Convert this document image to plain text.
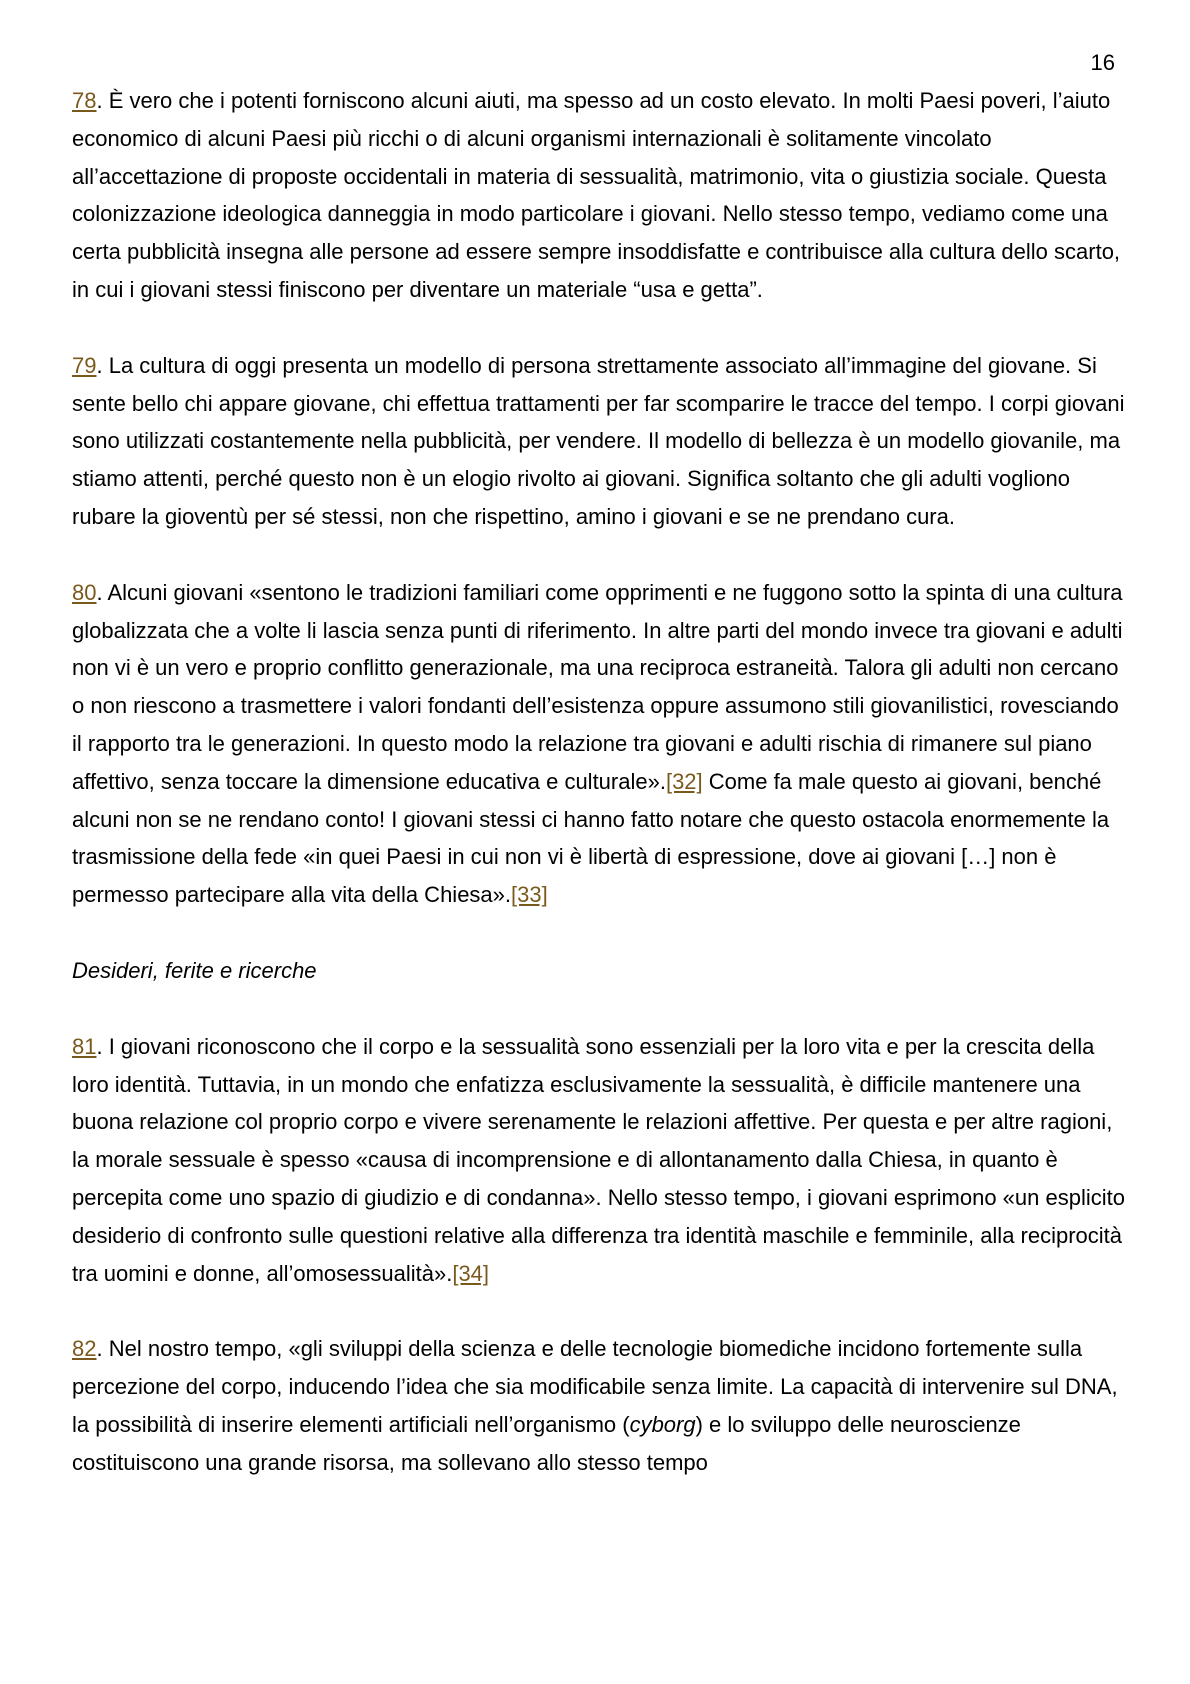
16

78. È vero che i potenti forniscono alcuni aiuti, ma spesso ad un costo elevato. In molti Paesi poveri, l’aiuto economico di alcuni Paesi più ricchi o di alcuni organismi internazionali è solitamente vincolato all’accettazione di proposte occidentali in materia di sessualità, matrimonio, vita o giustizia sociale. Questa colonizzazione ideologica danneggia in modo particolare i giovani. Nello stesso tempo, vediamo come una certa pubblicità insegna alle persone ad essere sempre insoddisfatte e contribuisce alla cultura dello scarto, in cui i giovani stessi finiscono per diventare un materiale “usa e getta”.

79. La cultura di oggi presenta un modello di persona strettamente associato all’immagine del giovane. Si sente bello chi appare giovane, chi effettua trattamenti per far scomparire le tracce del tempo. I corpi giovani sono utilizzati costantemente nella pubblicità, per vendere. Il modello di bellezza è un modello giovanile, ma stiamo attenti, perché questo non è un elogio rivolto ai giovani. Significa soltanto che gli adulti vogliono rubare la gioventù per sé stessi, non che rispettino, amino i giovani e se ne prendano cura.

80. Alcuni giovani «sentono le tradizioni familiari come opprimenti e ne fuggono sotto la spinta di una cultura globalizzata che a volte li lascia senza punti di riferimento. In altre parti del mondo invece tra giovani e adulti non vi è un vero e proprio conflitto generazionale, ma una reciproca estraneità. Talora gli adulti non cercano o non riescono a trasmettere i valori fondanti dell’esistenza oppure assumono stili giovanilistici, rovesciando il rapporto tra le generazioni. In questo modo la relazione tra giovani e adulti rischia di rimanere sul piano affettivo, senza toccare la dimensione educativa e culturale».[32] Come fa male questo ai giovani, benché alcuni non se ne rendano conto! I giovani stessi ci hanno fatto notare che questo ostacola enormemente la trasmissione della fede «in quei Paesi in cui non vi è libertà di espressione, dove ai giovani […] non è permesso partecipare alla vita della Chiesa».[33]

Desideri, ferite e ricerche

81. I giovani riconoscono che il corpo e la sessualità sono essenziali per la loro vita e per la crescita della loro identità. Tuttavia, in un mondo che enfatizza esclusivamente la sessualità, è difficile mantenere una buona relazione col proprio corpo e vivere serenamente le relazioni affettive. Per questa e per altre ragioni, la morale sessuale è spesso «causa di incomprensione e di allontanamento dalla Chiesa, in quanto è percepita come uno spazio di giudizio e di condanna». Nello stesso tempo, i giovani esprimono «un esplicito desiderio di confronto sulle questioni relative alla differenza tra identità maschile e femminile, alla reciprocità tra uomini e donne, all’omosessualità».[34]

82. Nel nostro tempo, «gli sviluppi della scienza e delle tecnologie biomediche incidono fortemente sulla percezione del corpo, inducendo l’idea che sia modificabile senza limite. La capacità di intervenire sul DNA, la possibilità di inserire elementi artificiali nell’organismo (cyborg) e lo sviluppo delle neuroscienze costituiscono una grande risorsa, ma sollevano allo stesso tempo
